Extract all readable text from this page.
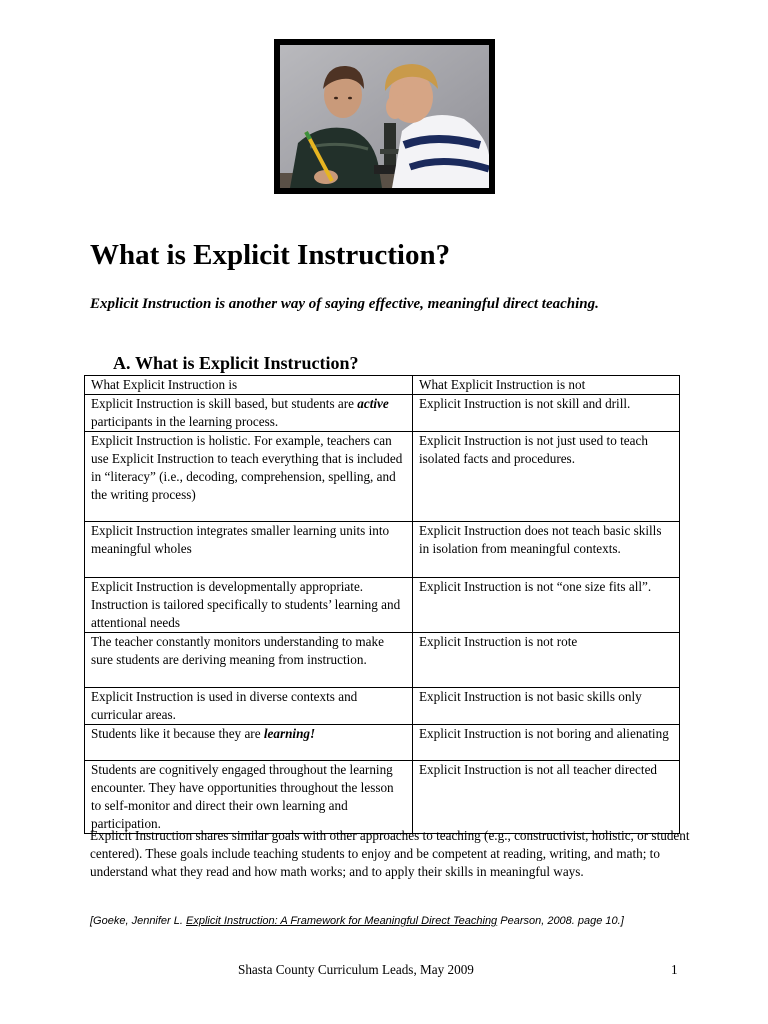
What is Explicit Instruction?

Explicit Instruction is another way of saying effective, meaningful direct teaching.

A. What is Explicit Instruction?
What Explicit Instruction is	What Explicit Instruction is not

Explicit Instruction is skill based, but students are active participants in the learning process.	Explicit Instruction is not skill and drill.

Explicit Instruction is holistic. For example, teachers can use Explicit Instruction to teach everything that is included in “literacy” (i.e., decoding, comprehension, spelling, and the writing process)	Explicit Instruction is not just used to teach isolated facts and procedures.

Explicit Instruction integrates smaller learning units into meaningful wholes	Explicit Instruction does not teach basic skills in isolation from meaningful contexts.

Explicit Instruction is developmentally appropriate. Instruction is tailored specifically to students’ learning and attentional needs	Explicit Instruction is not “one size fits all”.

The teacher constantly monitors understanding to make sure students are deriving meaning from instruction.	Explicit Instruction is not rote

Explicit Instruction is used in diverse contexts and curricular areas.	Explicit Instruction is not basic skills only

Students like it because they are learning!	Explicit Instruction is not boring and alienating

Students are cognitively engaged throughout the learning encounter. They have opportunities throughout the lesson to self-monitor and direct their own learning and participation.	Explicit Instruction is not all teacher directed

Explicit Instruction shares similar goals with other approaches to teaching (e.g., constructivist, holistic, or student centered). These goals include teaching students to enjoy and be competent at reading, writing, and math; to understand what they read and how math works; and to apply their skills in meaningful ways.

[Goeke, Jennifer L. Explicit Instruction: A Framework for Meaningful Direct Teaching Pearson, 2008. page 10.]

Shasta County Curriculum Leads, May 2009	1
